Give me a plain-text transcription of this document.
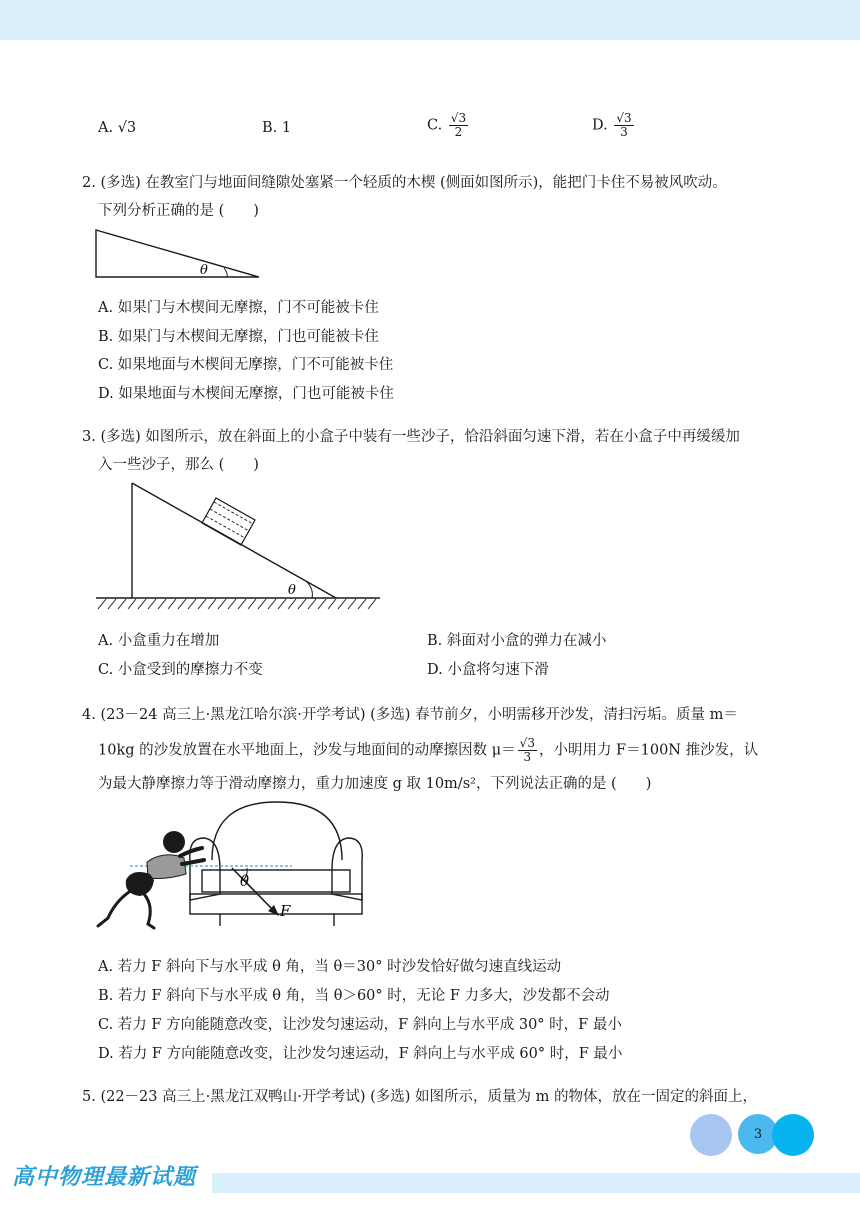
A. √3	B. 1	C. $\frac{√3}{2}$	D. $\frac{√3}{3}$
2. (多选) 在教室门与地面间缝隙处塞紧一个轻质的木楔 (侧面如图所示)，能把门卡住不易被风吹动。
下列分析正确的是 (　　)
θ
A. 如果门与木楔间无摩擦，门不可能被卡住
B. 如果门与木楔间无摩擦，门也可能被卡住
C. 如果地面与木楔间无摩擦，门不可能被卡住
D. 如果地面与木楔间无摩擦，门也可能被卡住
3. (多选) 如图所示，放在斜面上的小盒子中装有一些沙子，恰沿斜面匀速下滑，若在小盒子中再缓缓加
入一些沙子，那么 (　　)
θ
A. 小盒重力在增加	B. 斜面对小盒的弹力在减小
C. 小盒受到的摩擦力不变	D. 小盒将匀速下滑
4. (23－24 高三上·黑龙江哈尔滨·开学考试) (多选) 春节前夕，小明需移开沙发，清扫污垢。质量 m＝
10kg 的沙发放置在水平地面上，沙发与地面间的动摩擦因数 $\mu= \frac{√3}{3}$ ，小明用力 F＝100N 推沙发，认
为最大静摩擦力等于滑动摩擦力，重力加速度 g 取 10m/s²，下列说法正确的是 (　　)
θ
F
A. 若力 F 斜向下与水平成 θ 角，当 θ＝30° 时沙发恰好做匀速直线运动
B. 若力 F 斜向下与水平成 θ 角，当 θ＞60° 时，无论 F 力多大，沙发都不会动
C. 若力 F 方向能随意改变，让沙发匀速运动，F 斜向上与水平成 30° 时，F 最小
D. 若力 F 方向能随意改变，让沙发匀速运动，F 斜向上与水平成 60° 时，F 最小
5. (22－23 高三上·黑龙江双鸭山·开学考试) (多选) 如图所示，质量为 m 的物体，放在一固定的斜面上，
3
高中物理最新试题
